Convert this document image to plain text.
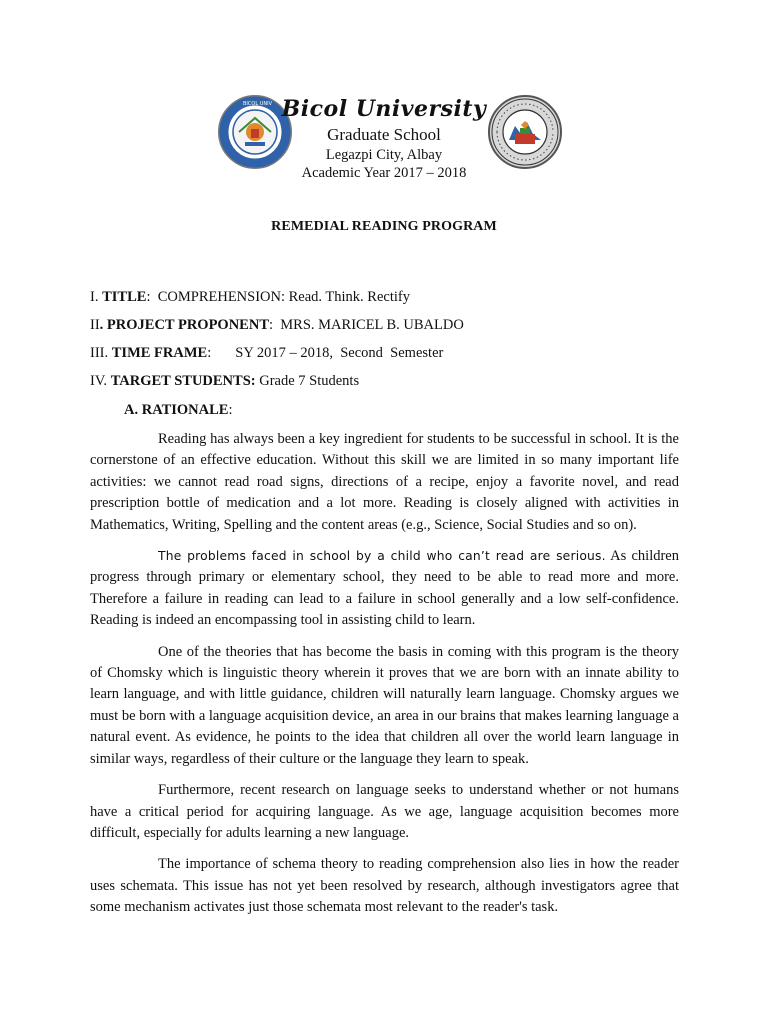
BICOL UNIV Bicol University
Graduate School
Legazpi City, Albay
Academic Year 2017 – 2018
REMEDIAL READING PROGRAM
I. TITLE:  COMPREHENSION: Read. Think. Rectify
II. PROJECT PROPONENT:  MRS. MARICEL B. UBALDO
III. TIME FRAME: SY 2017 – 2018,  Second  Semester
IV. TARGET STUDENTS: Grade 7 Students
A. RATIONALE:

Reading has always been a key ingredient for students to be successful in school. It is the cornerstone of an effective education. Without this skill we are limited in so many important life activities: we cannot read road signs, directions of a recipe, enjoy a favorite novel, and read prescription bottle of medication and a lot more. Reading is closely aligned with activities in Mathematics, Writing, Spelling and the content areas (e.g., Science, Social Studies and so on).

The problems faced in school by a child who can’t read are serious. As children progress through primary or elementary school, they need to be able to read more and more. Therefore a failure in reading can lead to a failure in school generally and a low self-confidence. Reading is indeed an encompassing tool in assisting child to learn.

One of the theories that has become the basis in coming with this program is the theory of Chomsky which is linguistic theory wherein it proves that we are born with an innate ability to learn language, and with little guidance, children will naturally learn language. Chomsky argues we must be born with a language acquisition device, an area in our brains that makes learning language a natural event. As evidence, he points to the idea that children all over the world learn language in similar ways, regardless of their culture or the language they learn to speak.

Furthermore, recent research on language seeks to understand whether or not humans have a critical period for acquiring language. As we age, language acquisition becomes more difficult, especially for adults learning a new language.

The importance of schema theory to reading comprehension also lies in how the reader uses schemata. This issue has not yet been resolved by research, although investigators agree that some mechanism activates just those schemata most relevant to the reader's task.
